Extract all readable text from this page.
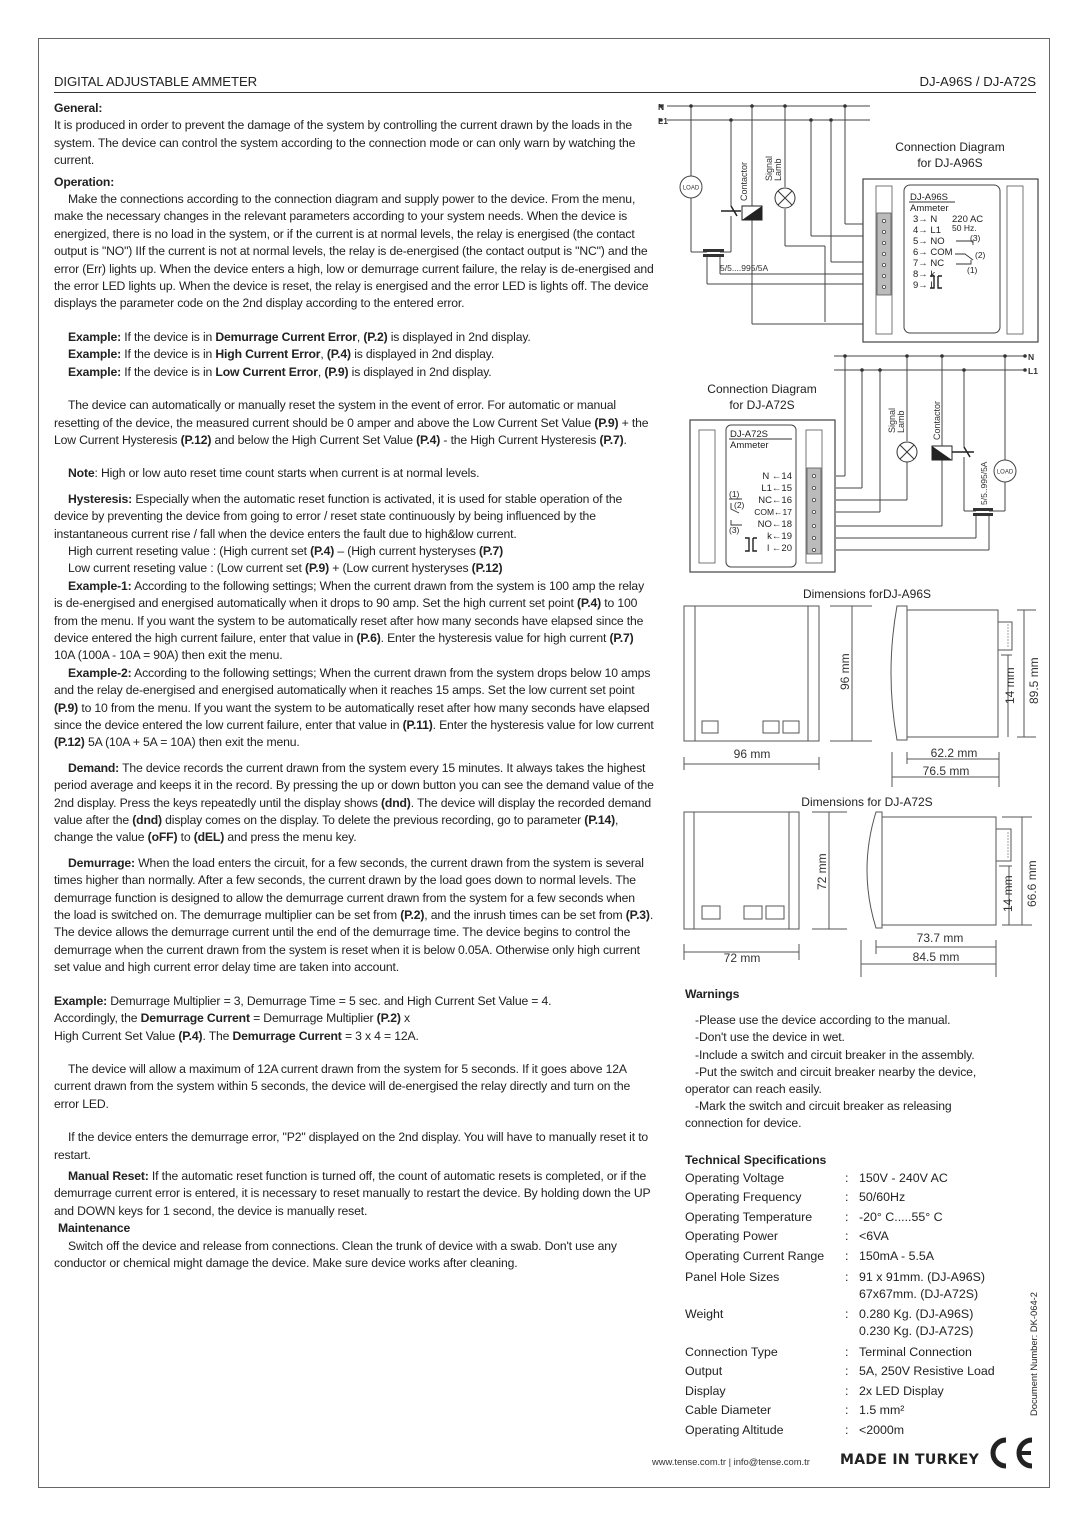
DIGITAL ADJUSTABLE AMMETER	DJ-A96S / DJ-A72S

General:

It is produced in order to prevent the damage of the system by controlling the current drawn by the loads in the system. The device can control the system according to the connection mode or can only warn by watching the current.

Operation:

Make the connections according to the connection diagram and supply power to the device. From the menu, make the necessary changes in the relevant parameters according to your system needs. When the device is energized, there is no load in the system, or if the current is at normal levels, the relay is energised (the contact output is "NO") IIf the current is not at normal levels, the relay is de-energised (the contact output is "NC") and the error (Err) lights up. When the device enters a high, low or demurrage current failure, the relay is de-energised and the error LED lights up. When the device is reset, the relay is energised and the error LED is lights off. The device displays the parameter code on the 2nd display according to the entered error.

Example: If the device is in Demurrage Current Error, (P.2) is displayed in 2nd display.

Example: If the device is in High Current Error, (P.4) is displayed in 2nd display.

Example: If the device is in Low Current Error, (P.9) is displayed in 2nd display.

The device can automatically or manually reset the system in the event of error. For automatic or manual resetting of the device, the measured current should be 0 amper and above the Low Current Set Value (P.9) + the Low Current Hysteresis (P.12) and below the High Current Set Value (P.4) - the High Current Hysteresis (P.7).

Note: High or low auto reset time count starts when current is at normal levels.

Hysteresis: Especially when the automatic reset function is activated, it is used for stable operation of the device by preventing the device from going to error / reset state continuously by being influenced by the instantaneous current rise / fall when the device enters the fault due to high&low current.

High current reseting value : (High current set (P.4) – (High current hysteryses (P.7)

Low current reseting value : (Low current set (P.9) + (Low current hysteryses (P.12)

Example-1: According to the following settings; When the current drawn from the system is 100 amp the relay is de-energised and energised automatically when it drops to 90 amp. Set the high current set point (P.4) to 100 from the menu. If you want the system to be automatically reset after how many seconds have elapsed since the device entered the high current failure, enter that value in (P.6). Enter the hysteresis value for high current (P.7) 10A (100A - 10A = 90A) then exit the menu.

Example-2: According to the following settings; When the current drawn from the system drops below 10 amps and the relay de-energised and energised automatically when it reaches 15 amps. Set the low current set point (P.9) to 10 from the menu. If you want the system to be automatically reset after how many seconds have elapsed since the device entered the low current failure, enter that value in (P.11). Enter the hysteresis value for low current (P.12) 5A (10A + 5A = 10A) then exit the menu.

Demand: The device records the current drawn from the system every 15 minutes. It always takes the highest period average and keeps it in the record. By pressing the up or down button you can see the demand value of the 2nd display. Press the keys repeatedly until the display shows (dnd). The device will display the recorded demand value after the (dnd) display comes on the display. To delete the previous recording, go to parameter (P.14), change the value (oFF) to (dEL) and press the menu key.

Demurrage: When the load enters the circuit, for a few seconds, the current drawn from the system is several times higher than normally. After a few seconds, the current drawn by the load goes down to normal levels. The demurrage function is designed to allow the demurrage current drawn from the system for a few seconds when the load is switched on. The demurrage multiplier can be set from (P.2), and the inrush times can be set from (P.3).

The device allows the demurrage current until the end of the demurrage time. The device begins to control the demurrage when the current drawn from the system is reset when it is below 0.05A. Otherwise only high current set value and high current error delay time are taken into account.

Example: Demurrage Multiplier = 3, Demurrage Time = 5 sec. and High Current Set Value = 4.

Accordingly, the Demurrage Current = Demurrage Multiplier (P.2) x

High Current Set Value (P.4). The Demurrage Current = 3 x 4 = 12A.

The device will allow a maximum of 12A current drawn from the system for 5 seconds. If it goes above 12A current drawn from the system within 5 seconds, the device will de-energised the relay directly and turn on the error LED.

If the device enters the demurrage error, "P2" displayed on the 2nd display. You will have to manually reset it to restart.

Manual Reset: If the automatic reset function is turned off, the count of automatic resets is completed, or if the demurrage current error is entered, it is necessary to reset manually to restart the device. By holding down the UP and DOWN keys for 1 second, the device is manually reset.

Maintenance

Switch off the device and release from connections. Clean the trunk of device with a swab. Don't use any conductor or chemical might damage the device. Make sure device works after cleaning.

N
L1
LOAD	Contactor Signal Lamb
5/5....995/5A
Connection Diagram
for DJ-A96S
DJ-A96S
Ammeter
3→ N
4→ L1
5→ NO
6→ COM
7→ NC
8→ k
9→ l
220 AC
50 Hz.
(3)
(2)
(1)
N
L1
Signal Lamb	Contactor
LOAD
5/5..995/5A
Connection Diagram
for DJ-A72S
DJ-A72S
Ammeter
N ←14
L1←15
NC←16
COM←17
NO←18
k←19
l ←20
(1)
(2)
(3)
Dimensions forDJ-A96S
96 mm
96 mm	62.2 mm
76.5 mm
14 mm 89.5 mm
Dimensions for DJ-A72S
72 mm
72 mm
73.7 mm
84.5 mm
14 mm 66.6 mm
Warnings
-Please use the device according to the manual.
-Don't use the device in wet.
-Include a switch and circuit breaker in the assembly.
-Put the switch and circuit breaker nearby the device,
operator can reach easily.
-Mark the switch and circuit breaker as releasing
connection for device.
Technical Specifications
Operating Voltage	: 150V - 240V AC
Operating Frequency	: 50/60Hz
Operating Temperature	: -20° C.....55° C
Operating Power	: <6VA
Operating Current Range	: 150mA - 5.5A
Panel Hole Sizes	: 91 x 91mm. (DJ-A96S)
67x67mm. (DJ-A72S)
Weight	: 0.280 Kg. (DJ-A96S)
0.230 Kg. (DJ-A72S)
Connection Type	: Terminal Connection
Output	: 5A, 250V Resistive Load
Display	: 2x LED Display
Cable Diameter	: 1.5 mm²
Operating Altitude	: <2000m
Document Number: DK-064-2
www.tense.com.tr | info@tense.com.tr MADE IN TURKEY
